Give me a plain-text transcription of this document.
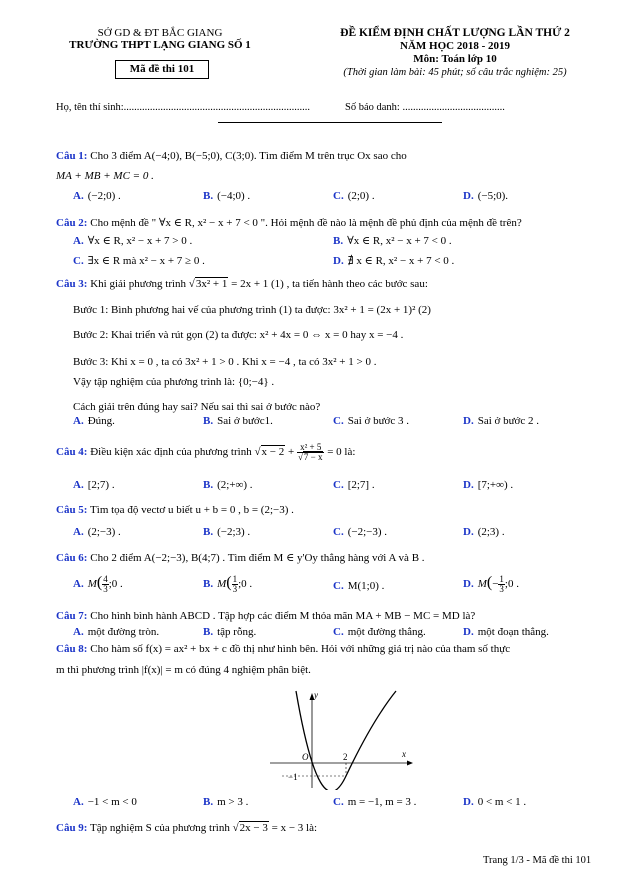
SỞ GD & ĐT BẮC GIANG
TRƯỜNG THPT LẠNG GIANG SỐ 1
Mã đề thi 101
ĐỀ KIỂM ĐỊNH CHẤT LƯỢNG LẦN THỨ 2
NĂM HỌC 2018 - 2019
Môn: Toán lớp 10
(Thời gian làm bài: 45 phút; số câu trắc nghiệm: 25)
Họ, tên thí sinh:.......................................................................	Số báo danh: .......................................
Câu 1: Cho 3 điểm A(−4;0), B(−5;0), C(3;0). Tìm điểm M trên trục Ox sao cho
MA + MB + MC = 0 .
A. (−2;0) .	B. (−4;0) .	C. (2;0) .	D. (−5;0).
Câu 2: Cho mệnh đề " ∀x ∈ R, x² − x + 7 < 0 ". Hỏi mệnh đề nào là mệnh đề phủ định của mệnh đề trên?
A. ∀x ∈ R, x² − x + 7 > 0 .	B. ∀x ∈ R, x² − x + 7 < 0 .
C. ∃x ∈ R mà x² − x + 7 ≥ 0 .	D. ∄ x ∈ R, x² − x + 7 < 0 .
Câu 3: Khi giải phương trình √3x² + 1 = 2x + 1 (1) , ta tiến hành theo các bước sau:
Bước 1: Bình phương hai vế của phương trình (1) ta được: 3x² + 1 = (2x + 1)² (2)
Bước 2: Khai triển và rút gọn (2) ta được: x² + 4x = 0 ⇔ x = 0 hay x = −4 .
Bước 3: Khi x = 0 , ta có 3x² + 1 > 0 . Khi x = −4 , ta có 3x² + 1 > 0 .
Vậy tập nghiệm của phương trình là: {0;−4} .
Cách giải trên đúng hay sai? Nếu sai thì sai ở bước nào?
A. Đúng.	B. Sai ở bước1.	C. Sai ở bước 3 .	D. Sai ở bước 2 .
Câu 4: Điều kiện xác định của phương trình $√x - 2 + \frac{\text{x² + 5}}{√7 - x} = 0$ là:
A. [2;7) .	B. (2;+∞) .	C. [2;7] .	D. [7;+∞) .
Câu 5: Tìm tọa độ vectơ u biết u + b = 0 , b = (2;−3) .
A. (2;−3) .	B. (−2;3) .	C. (−2;−3) .	D. (2;3) .
Câu 6: Cho 2 điểm A(−2;−3), B(4;7) . Tìm điểm M ∈ y'Oy thẳng hàng với A và B .
A. $M( \frac{4}{3}$ ;0 .	B. $M( \frac{1}{3}$ ;0 .	C. M(1;0) .	D. $M(- \frac{1}{3}$ ;0 .
Câu 7: Cho hình bình hành ABCD . Tập hợp các điểm M thỏa mãn MA + MB − MC = MD là?
A. một đường tròn.	B. tập rỗng.	C. một đường thẳng.	D. một đoạn thẳng.
Câu 8: Cho hàm số f(x) = ax² + bx + c đồ thị như hình bên. Hỏi với những giá trị nào của tham số thực
m thì phương trình |f(x)| = m có đúng 4 nghiệm phân biệt.
y
x
O	2
−1
A. −1 < m < 0	B. m > 3 .	C. m = −1, m = 3 .	D. 0 < m < 1 .
Câu 9: Tập nghiệm S của phương trình √2x − 3 = x − 3 là:
Trang 1/3 - Mã đề thi 101
